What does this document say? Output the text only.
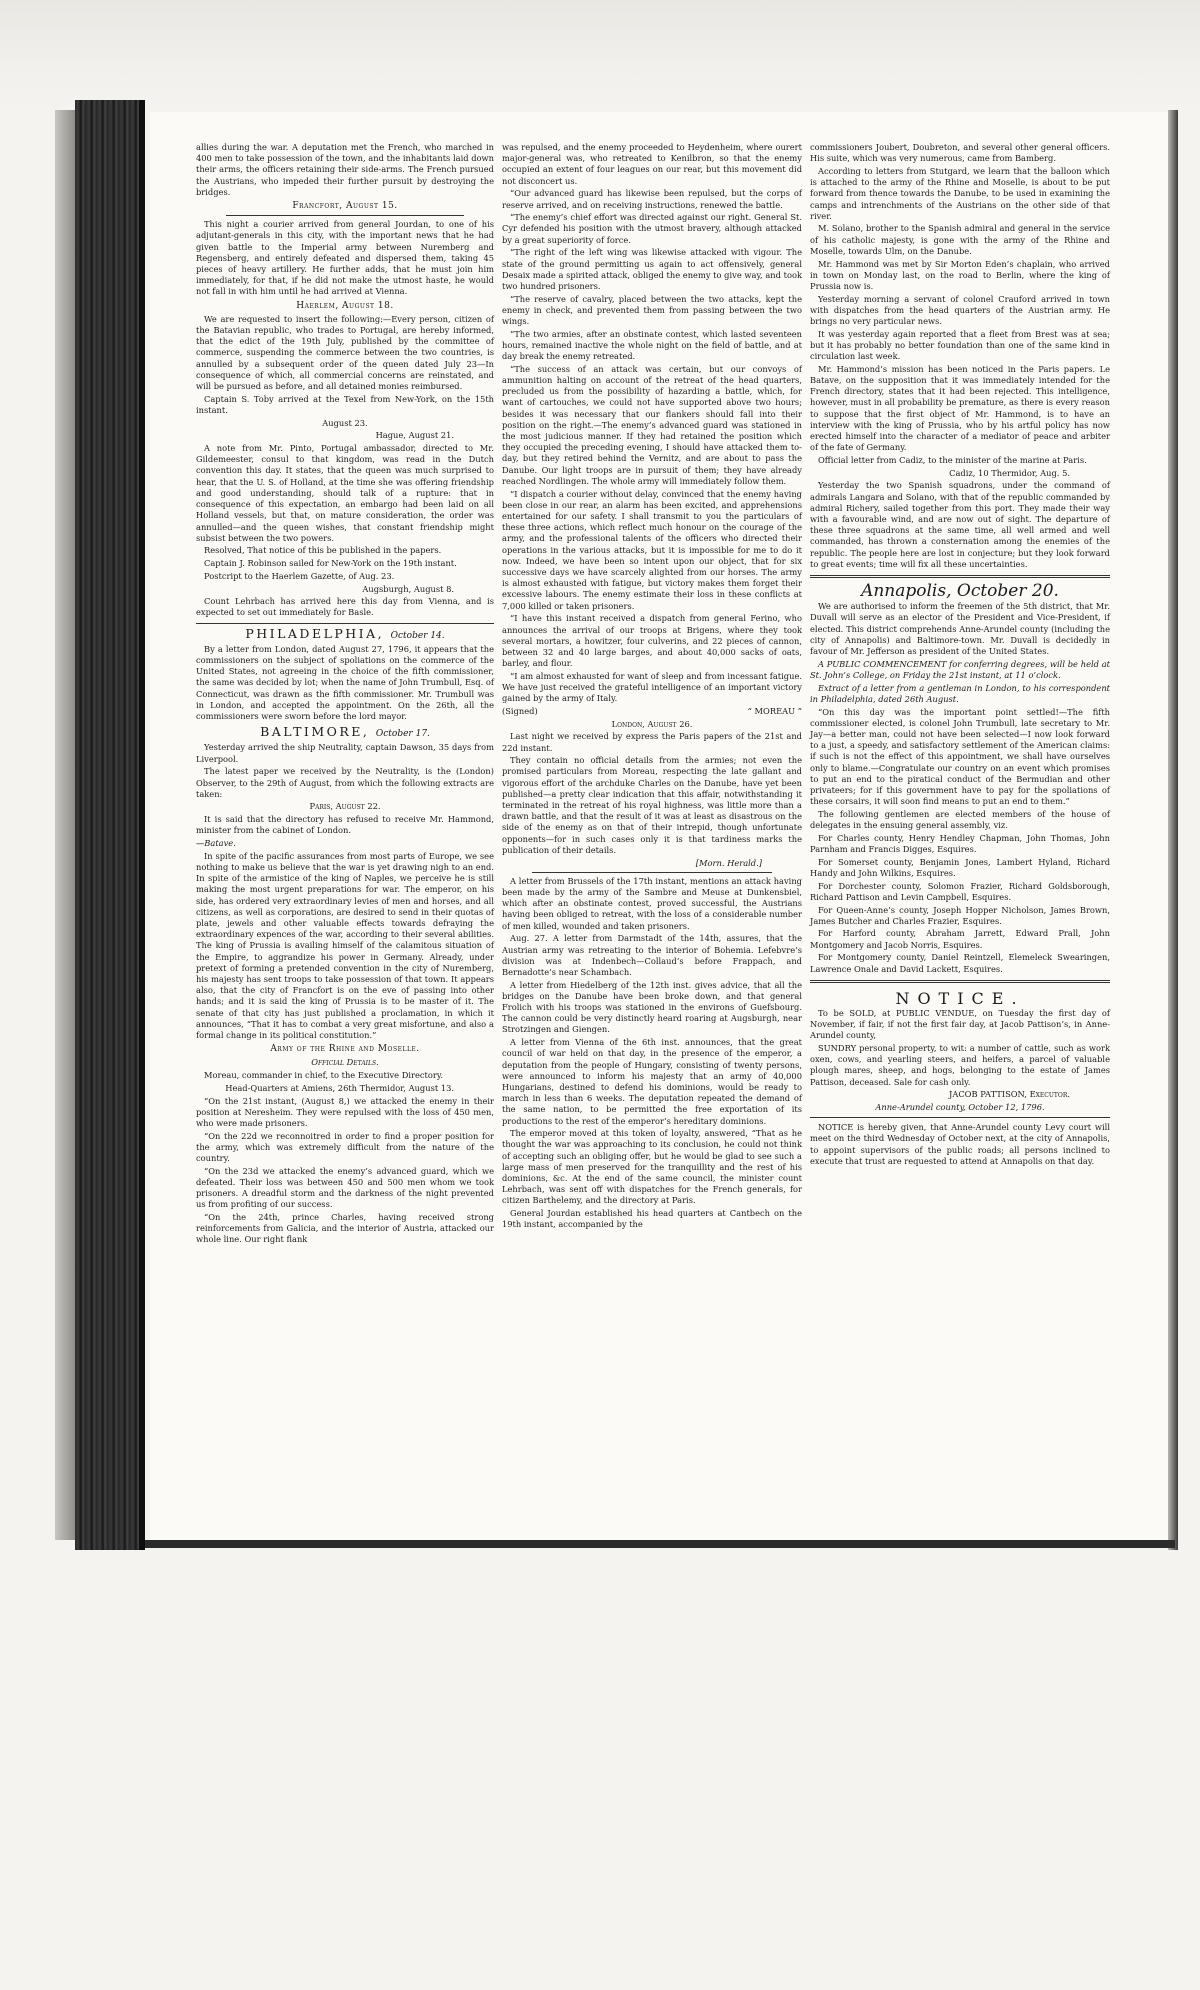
allies during the war. A deputation met the French, who marched in 400 men to take possession of the town, and the inhabitants laid down their arms, the officers retaining their side-arms. The French pursued the Austrians, who impeded their further pursuit by destroying the bridges.

Francfort, August 15.

This night a courier arrived from general Jourdan, to one of his adjutant-generals in this city, with the important news that he had given battle to the Imperial army between Nuremberg and Regensberg, and entirely defeated and dispersed them, taking 45 pieces of heavy artillery. He further adds, that he must join him immediately, for that, if he did not make the utmost haste, he would not fall in with him until he had arrived at Vienna.

Haerlem, August 18.

We are requested to insert the following:—Every person, citizen of the Batavian republic, who trades to Portugal, are hereby informed, that the edict of the 19th July, published by the committee of commerce, suspending the commerce between the two countries, is annulled by a subsequent order of the queen dated July 23—In consequence of which, all commercial concerns are reinstated, and will be pursued as before, and all detained monies reimbursed.

Captain S. Toby arrived at the Texel from New-York, on the 15th instant.

August 23.

Hague, August 21.

A note from Mr. Pinto, Portugal ambassador, directed to Mr. Gildemeester, consul to that kingdom, was read in the Dutch convention this day. It states, that the queen was much surprised to hear, that the U. S. of Holland, at the time she was offering friendship and good understanding, should talk of a rupture: that in consequence of this expectation, an embargo had been laid on all Holland vessels, but that, on mature consideration, the order was annulled—and the queen wishes, that constant friendship might subsist between the two powers.

Resolved, That notice of this be published in the papers.

Captain J. Robinson sailed for New-York on the 19th instant.

Postcript to the Haerlem Gazette, of Aug. 23.

Augsburgh, August 8.

Count Lehrbach has arrived here this day from Vienna, and is expected to set out immediately for Basle.

PHILADELPHIA, October 14.

By a letter from London, dated August 27, 1796, it appears that the commissioners on the subject of spoliations on the commerce of the United States, not agreeing in the choice of the fifth commissioner, the same was decided by lot; when the name of John Trumbull, Esq. of Connecticut, was drawn as the fifth commissioner. Mr. Trumbull was in London, and accepted the appointment. On the 26th, all the commissioners were sworn before the lord mayor.

BALTIMORE, October 17.

Yesterday arrived the ship Neutrality, captain Dawson, 35 days from Liverpool.

The latest paper we received by the Neutrality, is the (London) Observer, to the 29th of August, from which the following extracts are taken:

Paris, August 22.

It is said that the directory has refused to receive Mr. Hammond, minister from the cabinet of London.

—Batave.

In spite of the pacific assurances from most parts of Europe, we see nothing to make us believe that the war is yet drawing nigh to an end. In spite of the armistice of the king of Naples, we perceive he is still making the most urgent preparations for war. The emperor, on his side, has ordered very extraordinary levies of men and horses, and all citizens, as well as corporations, are desired to send in their quotas of plate, jewels and other valuable effects towards defraying the extraordinary expences of the war, according to their several abilities. The king of Prussia is availing himself of the calamitous situation of the Empire, to aggrandize his power in Germany. Already, under pretext of forming a pretended convention in the city of Nuremberg, his majesty has sent troops to take possession of that town. It appears also, that the city of Francfort is on the eve of passing into other hands; and it is said the king of Prussia is to be master of it. The senate of that city has just published a proclamation, in which it announces, “That it has to combat a very great misfortune, and also a formal change in its political constitution.”

Army of the Rhine and Moselle.

Official Details.

Moreau, commander in chief, to the Executive Directory.

Head-Quarters at Amiens, 26th Thermidor, August 13.

“On the 21st instant, (August 8,) we attacked the enemy in their position at Neresheim. They were repulsed with the loss of 450 men, who were made prisoners.

“On the 22d we reconnoitred in order to find a proper position for the army, which was extremely difficult from the nature of the country.

“On the 23d we attacked the enemy’s advanced guard, which we defeated. Their loss was between 450 and 500 men whom we took prisoners. A dreadful storm and the darkness of the night prevented us from profiting of our success.

“On the 24th, prince Charles, having received strong reinforcements from Galicia, and the interior of Austria, attacked our whole line. Our right flank

was repulsed, and the enemy proceeded to Heydenheim, where ourert major-general was, who retreated to Kenilbron, so that the enemy occupied an extent of four leagues on our rear, but this movement did not disconcert us.

“Our advanced guard has likewise been repulsed, but the corps of reserve arrived, and on receiving instructions, renewed the battle.

“The enemy’s chief effort was directed against our right. General St. Cyr defended his position with the utmost bravery, although attacked by a great superiority of force.

“The right of the left wing was likewise attacked with vigour. The state of the ground permitting us again to act offensively, general Desaix made a spirited attack, obliged the enemy to give way, and took two hundred prisoners.

“The reserve of cavalry, placed between the two attacks, kept the enemy in check, and prevented them from passing between the two wings.

“The two armies, after an obstinate contest, which lasted seventeen hours, remained inactive the whole night on the field of battle, and at day break the enemy retreated.

“The success of an attack was certain, but our convoys of ammunition halting on account of the retreat of the head quarters, precluded us from the possibility of hazarding a battle, which, for want of cartouches, we could not have supported above two hours; besides it was necessary that our flankers should fall into their position on the right.—The enemy’s advanced guard was stationed in the most judicious manner. If they had retained the position which they occupied the preceding evening, I should have attacked them to-day, but they retired behind the Vernitz, and are about to pass the Danube. Our light troops are in pursuit of them; they have already reached Nordlingen. The whole army will immediately follow them.

“I dispatch a courier without delay, convinced that the enemy having been close in our rear, an alarm has been excited, and apprehensions entertained for our safety. I shall transmit to you the particulars of these three actions, which reflect much honour on the courage of the army, and the professional talents of the officers who directed their operations in the various attacks, but it is impossible for me to do it now. Indeed, we have been so intent upon our object, that for six successive days we have scarcely alighted from our horses. The army is almost exhausted with fatigue, but victory makes them forget their excessive labours. The enemy estimate their loss in these conflicts at 7,000 killed or taken prisoners.

“I have this instant received a dispatch from general Ferino, who announces the arrival of our troops at Brigens, where they took several mortars, a howitzer, four culverins, and 22 pieces of cannon, between 32 and 40 large barges, and about 40,000 sacks of oats, barley, and flour.

“I am almost exhausted for want of sleep and from incessant fatigue. We have just received the grateful intelligence of an important victory gained by the army of Italy.

(Signed)	“ MOREAU ”

London, August 26.

Last night we received by express the Paris papers of the 21st and 22d instant.

They contain no official details from the armies; not even the promised particulars from Moreau, respecting the late gallant and vigorous effort of the archduke Charles on the Danube, have yet been published—a pretty clear indication that this affair, notwithstanding it terminated in the retreat of his royal highness, was little more than a drawn battle, and that the result of it was at least as disastrous on the side of the enemy as on that of their intrepid, though unfortunate opponents—for in such cases only it is that tardiness marks the publication of their details.

[Morn. Herald.]

A letter from Brussels of the 17th instant, mentions an attack having been made by the army of the Sambre and Meuse at Dunkensbiel, which after an obstinate contest, proved successful, the Austrians having been obliged to retreat, with the loss of a considerable number of men killed, wounded and taken prisoners.

Aug. 27. A letter from Darmstadt of the 14th, assures, that the Austrian army was retreating to the interior of Bohemia. Lefebvre’s division was at Indenbech—Collaud’s before Frappach, and Bernadotte’s near Schambach.

A letter from Hiedelberg of the 12th inst. gives advice, that all the bridges on the Danube have been broke down, and that general Frolich with his troops was stationed in the environs of Guefsbourg. The cannon could be very distinctly heard roaring at Augsburgh, near Strotzingen and Giengen.

A letter from Vienna of the 6th inst. announces, that the great council of war held on that day, in the presence of the emperor, a deputation from the people of Hungary, consisting of twenty persons, were announced to inform his majesty that an army of 40,000 Hungarians, destined to defend his dominions, would be ready to march in less than 6 weeks. The deputation repeated the demand of the same nation, to be permitted the free exportation of its productions to the rest of the emperor’s hereditary dominions.

The emperor moved at this token of loyalty, answered, “That as he thought the war was approaching to its conclusion, he could not think of accepting such an obliging offer, but he would be glad to see such a large mass of men preserved for the tranquillity and the rest of his dominions, &c. At the end of the same council, the minister count Lehrbach, was sent off with dispatches for the French generals, for citizen Barthelemy, and the directory at Paris.

General Jourdan established his head quarters at Cantbech on the 19th instant, accompanied by the

commissioners Joubert, Doubreton, and several other general officers. His suite, which was very numerous, came from Bamberg.

According to letters from Stutgard, we learn that the balloon which is attached to the army of the Rhine and Moselle, is about to be put forward from thence towards the Danube, to be used in examining the camps and intrenchments of the Austrians on the other side of that river.

M. Solano, brother to the Spanish admiral and general in the service of his catholic majesty, is gone with the army of the Rhine and Moselle, towards Ulm, on the Danube.

Mr. Hammond was met by Sir Morton Eden’s chaplain, who arrived in town on Monday last, on the road to Berlin, where the king of Prussia now is.

Yesterday morning a servant of colonel Crauford arrived in town with dispatches from the head quarters of the Austrian army. He brings no very particular news.

It was yesterday again reported that a fleet from Brest was at sea; but it has probably no better foundation than one of the same kind in circulation last week.

Mr. Hammond’s mission has been noticed in the Paris papers. Le Batave, on the supposition that it was immediately intended for the French directory, states that it had been rejected. This intelligence, however, must in all probability be premature, as there is every reason to suppose that the first object of Mr. Hammond, is to have an interview with the king of Prussia, who by his artful policy has now erected himself into the character of a mediator of peace and arbiter of the fate of Germany.

Official letter from Cadiz, to the minister of the marine at Paris.

Cadiz, 10 Thermidor, Aug. 5.

Yesterday the two Spanish squadrons, under the command of admirals Langara and Solano, with that of the republic commanded by admiral Richery, sailed together from this port. They made their way with a favourable wind, and are now out of sight. The departure of these three squadrons at the same time, all well armed and well commanded, has thrown a consternation among the enemies of the republic. The people here are lost in conjecture; but they look forward to great events; time will fix all these uncertainties.

Annapolis, October 20.

We are authorised to inform the freemen of the 5th district, that Mr. Duvall will serve as an elector of the President and Vice-President, if elected. This district comprehends Anne-Arundel county (including the city of Annapolis) and Baltimore-town. Mr. Duvall is decidedly in favour of Mr. Jefferson as president of the United States.

A PUBLIC COMMENCEMENT for conferring degrees, will be held at St. John’s College, on Friday the 21st instant, at 11 o’clock.

Extract of a letter from a gentleman in London, to his correspondent in Philadelphia, dated 26th August.

“On this day was the important point settled!—The fifth commissioner elected, is colonel John Trumbull, late secretary to Mr. Jay—a better man, could not have been selected—I now look forward to a just, a speedy, and satisfactory settlement of the American claims: if such is not the effect of this appointment, we shall have ourselves only to blame.—Congratulate our country on an event which promises to put an end to the piratical conduct of the Bermudian and other privateers; for if this government have to pay for the spoliations of these corsairs, it will soon find means to put an end to them.”

The following gentlemen are elected members of the house of delegates in the ensuing general assembly, viz.

For Charles county, Henry Hendley Chapman, John Thomas, John Parnham and Francis Digges, Esquires.

For Somerset county, Benjamin Jones, Lambert Hyland, Richard Handy and John Wilkins, Esquires.

For Dorchester county, Solomon Frazier, Richard Goldsborough, Richard Pattison and Levin Campbell, Esquires.

For Queen-Anne’s county, Joseph Hopper Nicholson, James Brown, James Butcher and Charles Frazier, Esquires.

For Harford county, Abraham Jarrett, Edward Prall, John Montgomery and Jacob Norris, Esquires.

For Montgomery county, Daniel Reintzell, Elemeleck Swearingen, Lawrence Onale and David Lackett, Esquires.

NOTICE.

To be SOLD, at PUBLIC VENDUE, on Tuesday the first day of November, if fair, if not the first fair day, at Jacob Pattison’s, in Anne-Arundel county,

SUNDRY personal property, to wit: a number of cattle, such as work oxen, cows, and yearling steers, and heifers, a parcel of valuable plough mares, sheep, and hogs, belonging to the estate of James Pattison, deceased. Sale for cash only.

JACOB PATTISON, Executor.

Anne-Arundel county, October 12, 1796.

NOTICE is hereby given, that Anne-Arundel county Levy court will meet on the third Wednesday of October next, at the city of Annapolis, to appoint supervisors of the public roads; all persons inclined to execute that trust are requested to attend at Annapolis on that day.
